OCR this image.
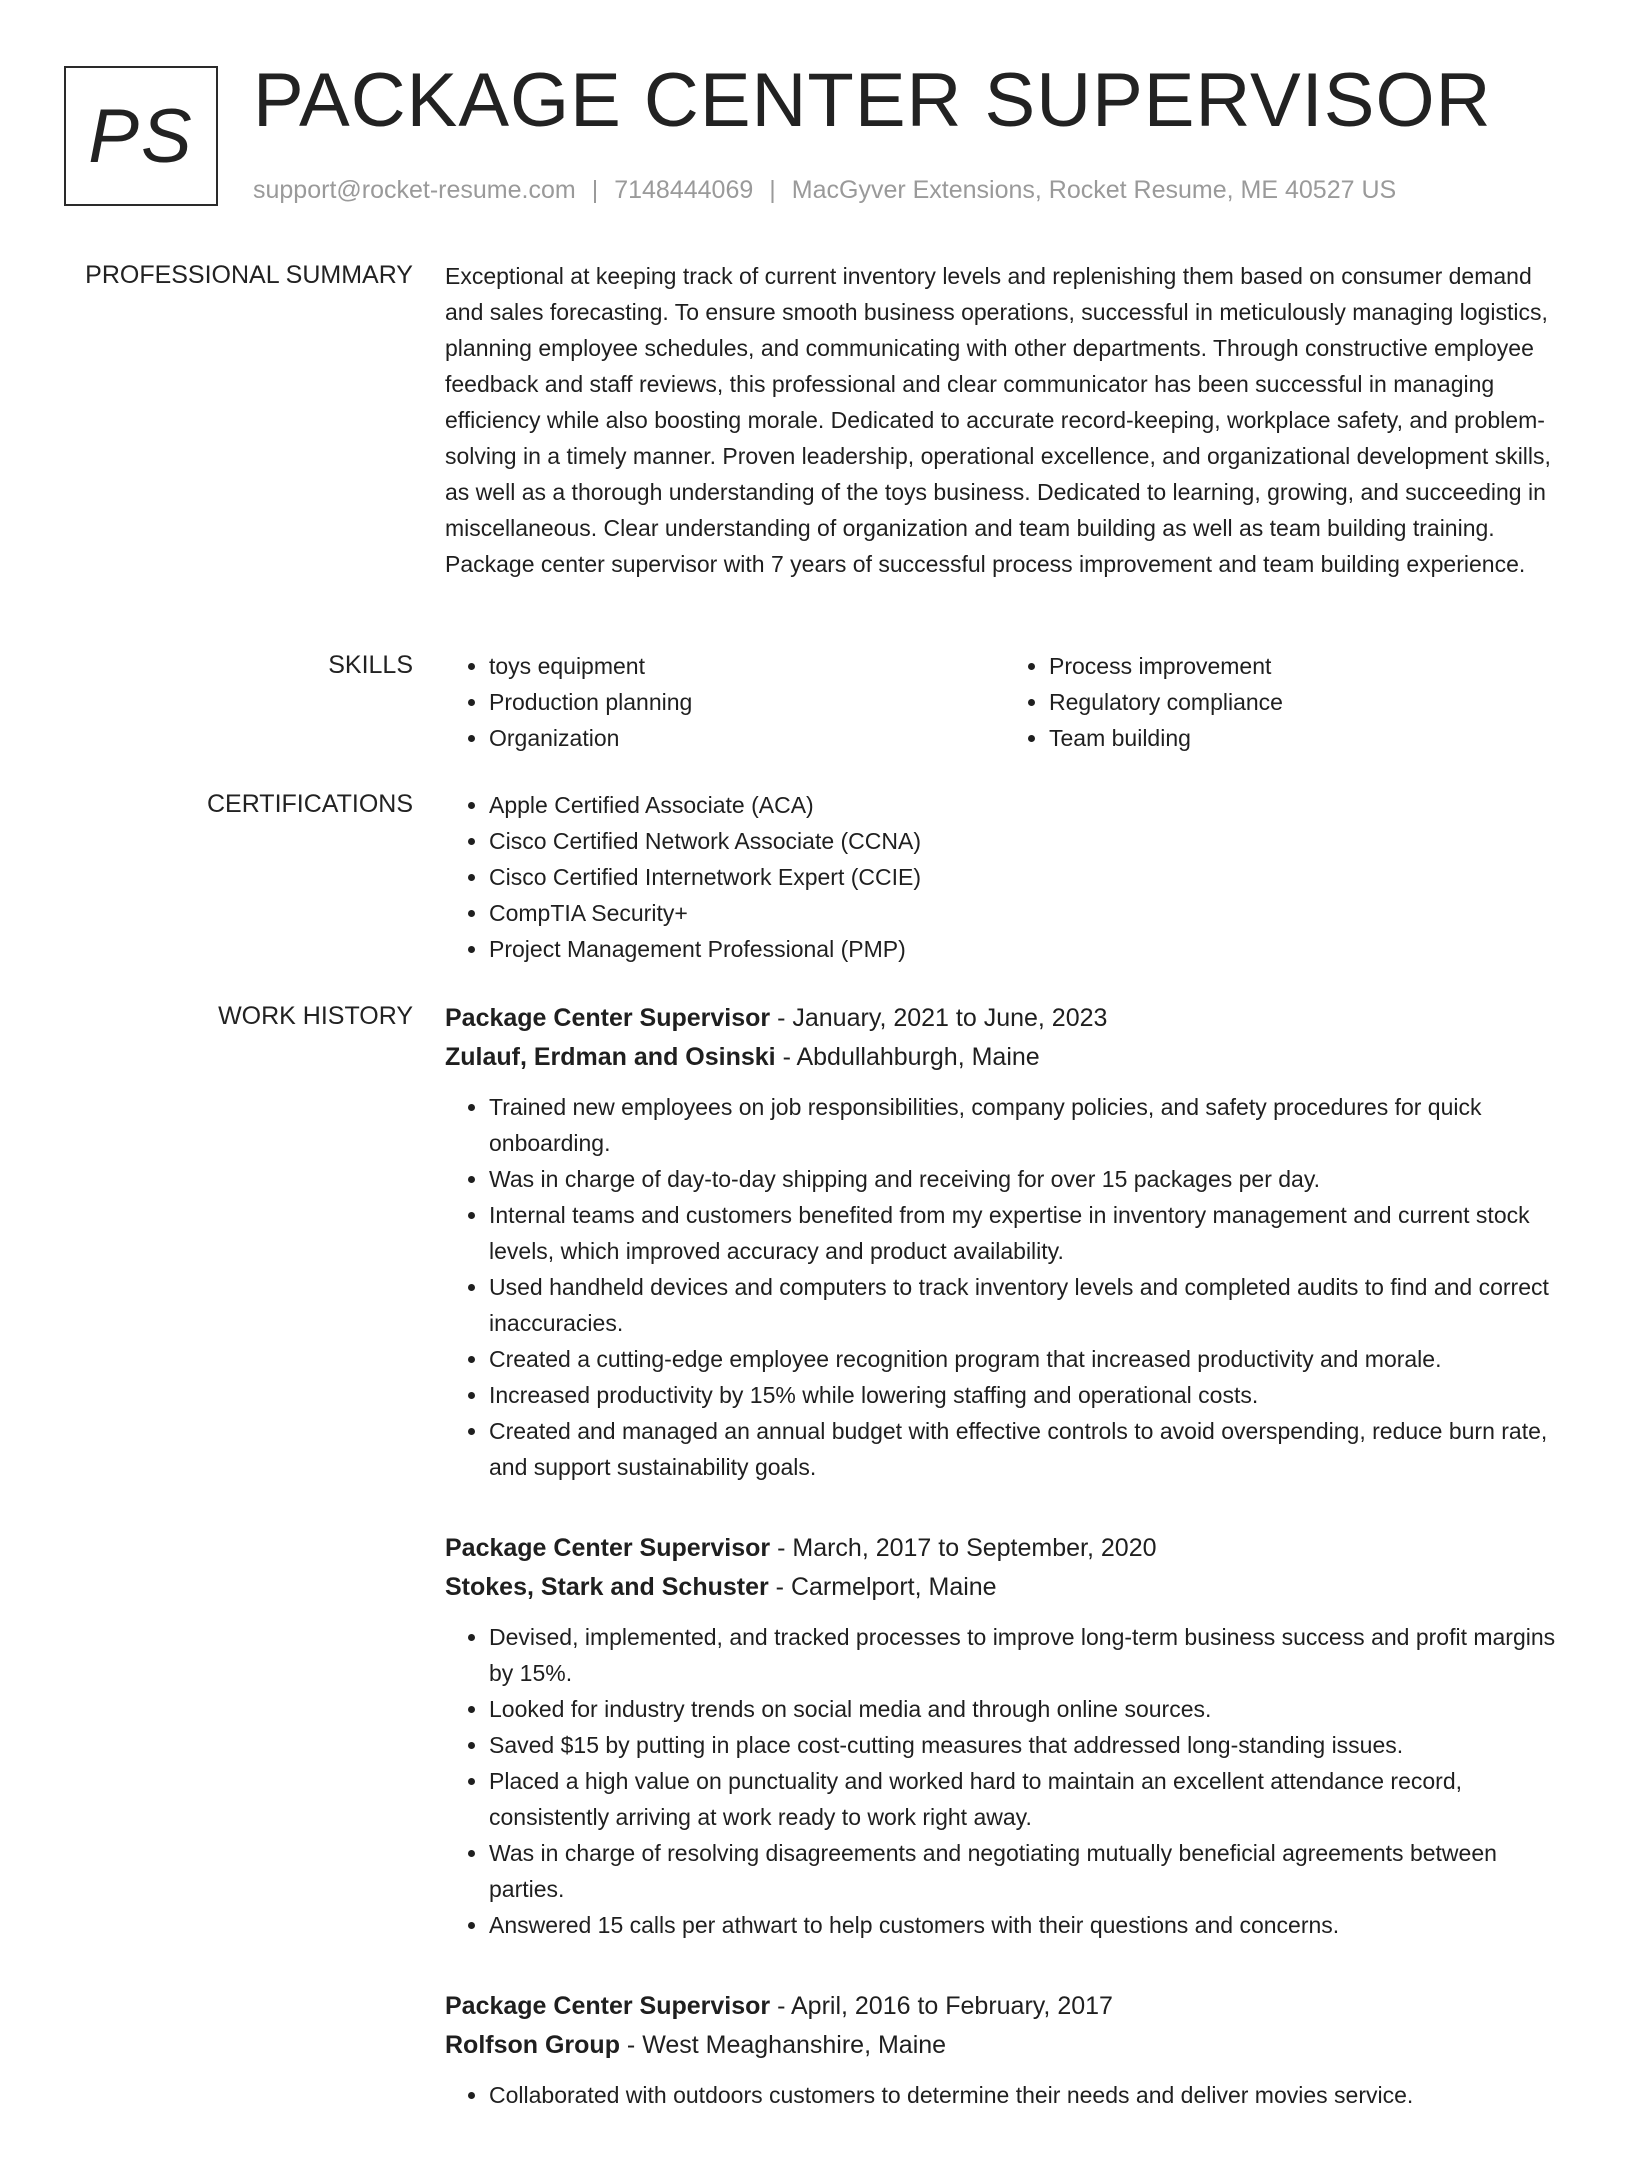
PS PACKAGE CENTER SUPERVISOR
support@rocket-resume.com | 7148444069 | MacGyver Extensions, Rocket Resume, ME 40527 US
PROFESSIONAL SUMMARY Exceptional at keeping track of current inventory levels and replenishing them based on consumer demand and sales forecasting. To ensure smooth business operations, successful in meticulously managing logistics, planning employee schedules, and communicating with other departments. Through constructive employee feedback and staff reviews, this professional and clear communicator has been successful in managing efficiency while also boosting morale. Dedicated to accurate record-keeping, workplace safety, and problem-solving in a timely manner. Proven leadership, operational excellence, and organizational development skills, as well as a thorough understanding of the toys business. Dedicated to learning, growing, and succeeding in miscellaneous. Clear understanding of organization and team building as well as team building training. Package center supervisor with 7 years of successful process improvement and team building experience.

SKILLS	• toys equipment
• Production planning
• Organization
• Process improvement
• Regulatory compliance
• Team building
CERTIFICATIONS	• Apple Certified Associate (ACA)
• Cisco Certified Network Associate (CCNA)
• Cisco Certified Internetwork Expert (CCIE)
• CompTIA Security+
• Project Management Professional (PMP)
WORK HISTORY Package Center Supervisor - January, 2021 to June, 2023
Zulauf, Erdman and Osinski - Abdullahburgh, Maine
• Trained new employees on job responsibilities, company policies, and safety procedures for quick onboarding.
• Was in charge of day-to-day shipping and receiving for over 15 packages per day.
• Internal teams and customers benefited from my expertise in inventory management and current stock levels, which improved accuracy and product availability.
• Used handheld devices and computers to track inventory levels and completed audits to find and correct inaccuracies.
• Created a cutting-edge employee recognition program that increased productivity and morale.
• Increased productivity by 15% while lowering staffing and operational costs.
• Created and managed an annual budget with effective controls to avoid overspending, reduce burn rate, and support sustainability goals.
Package Center Supervisor - March, 2017 to September, 2020
Stokes, Stark and Schuster - Carmelport, Maine
• Devised, implemented, and tracked processes to improve long-term business success and profit margins by 15%.
• Looked for industry trends on social media and through online sources.
• Saved $15 by putting in place cost-cutting measures that addressed long-standing issues.
• Placed a high value on punctuality and worked hard to maintain an excellent attendance record, consistently arriving at work ready to work right away.
• Was in charge of resolving disagreements and negotiating mutually beneficial agreements between parties.
• Answered 15 calls per athwart to help customers with their questions and concerns.
Package Center Supervisor - April, 2016 to February, 2017
Rolfson Group - West Meaghanshire, Maine
• Collaborated with outdoors customers to determine their needs and deliver movies service.
